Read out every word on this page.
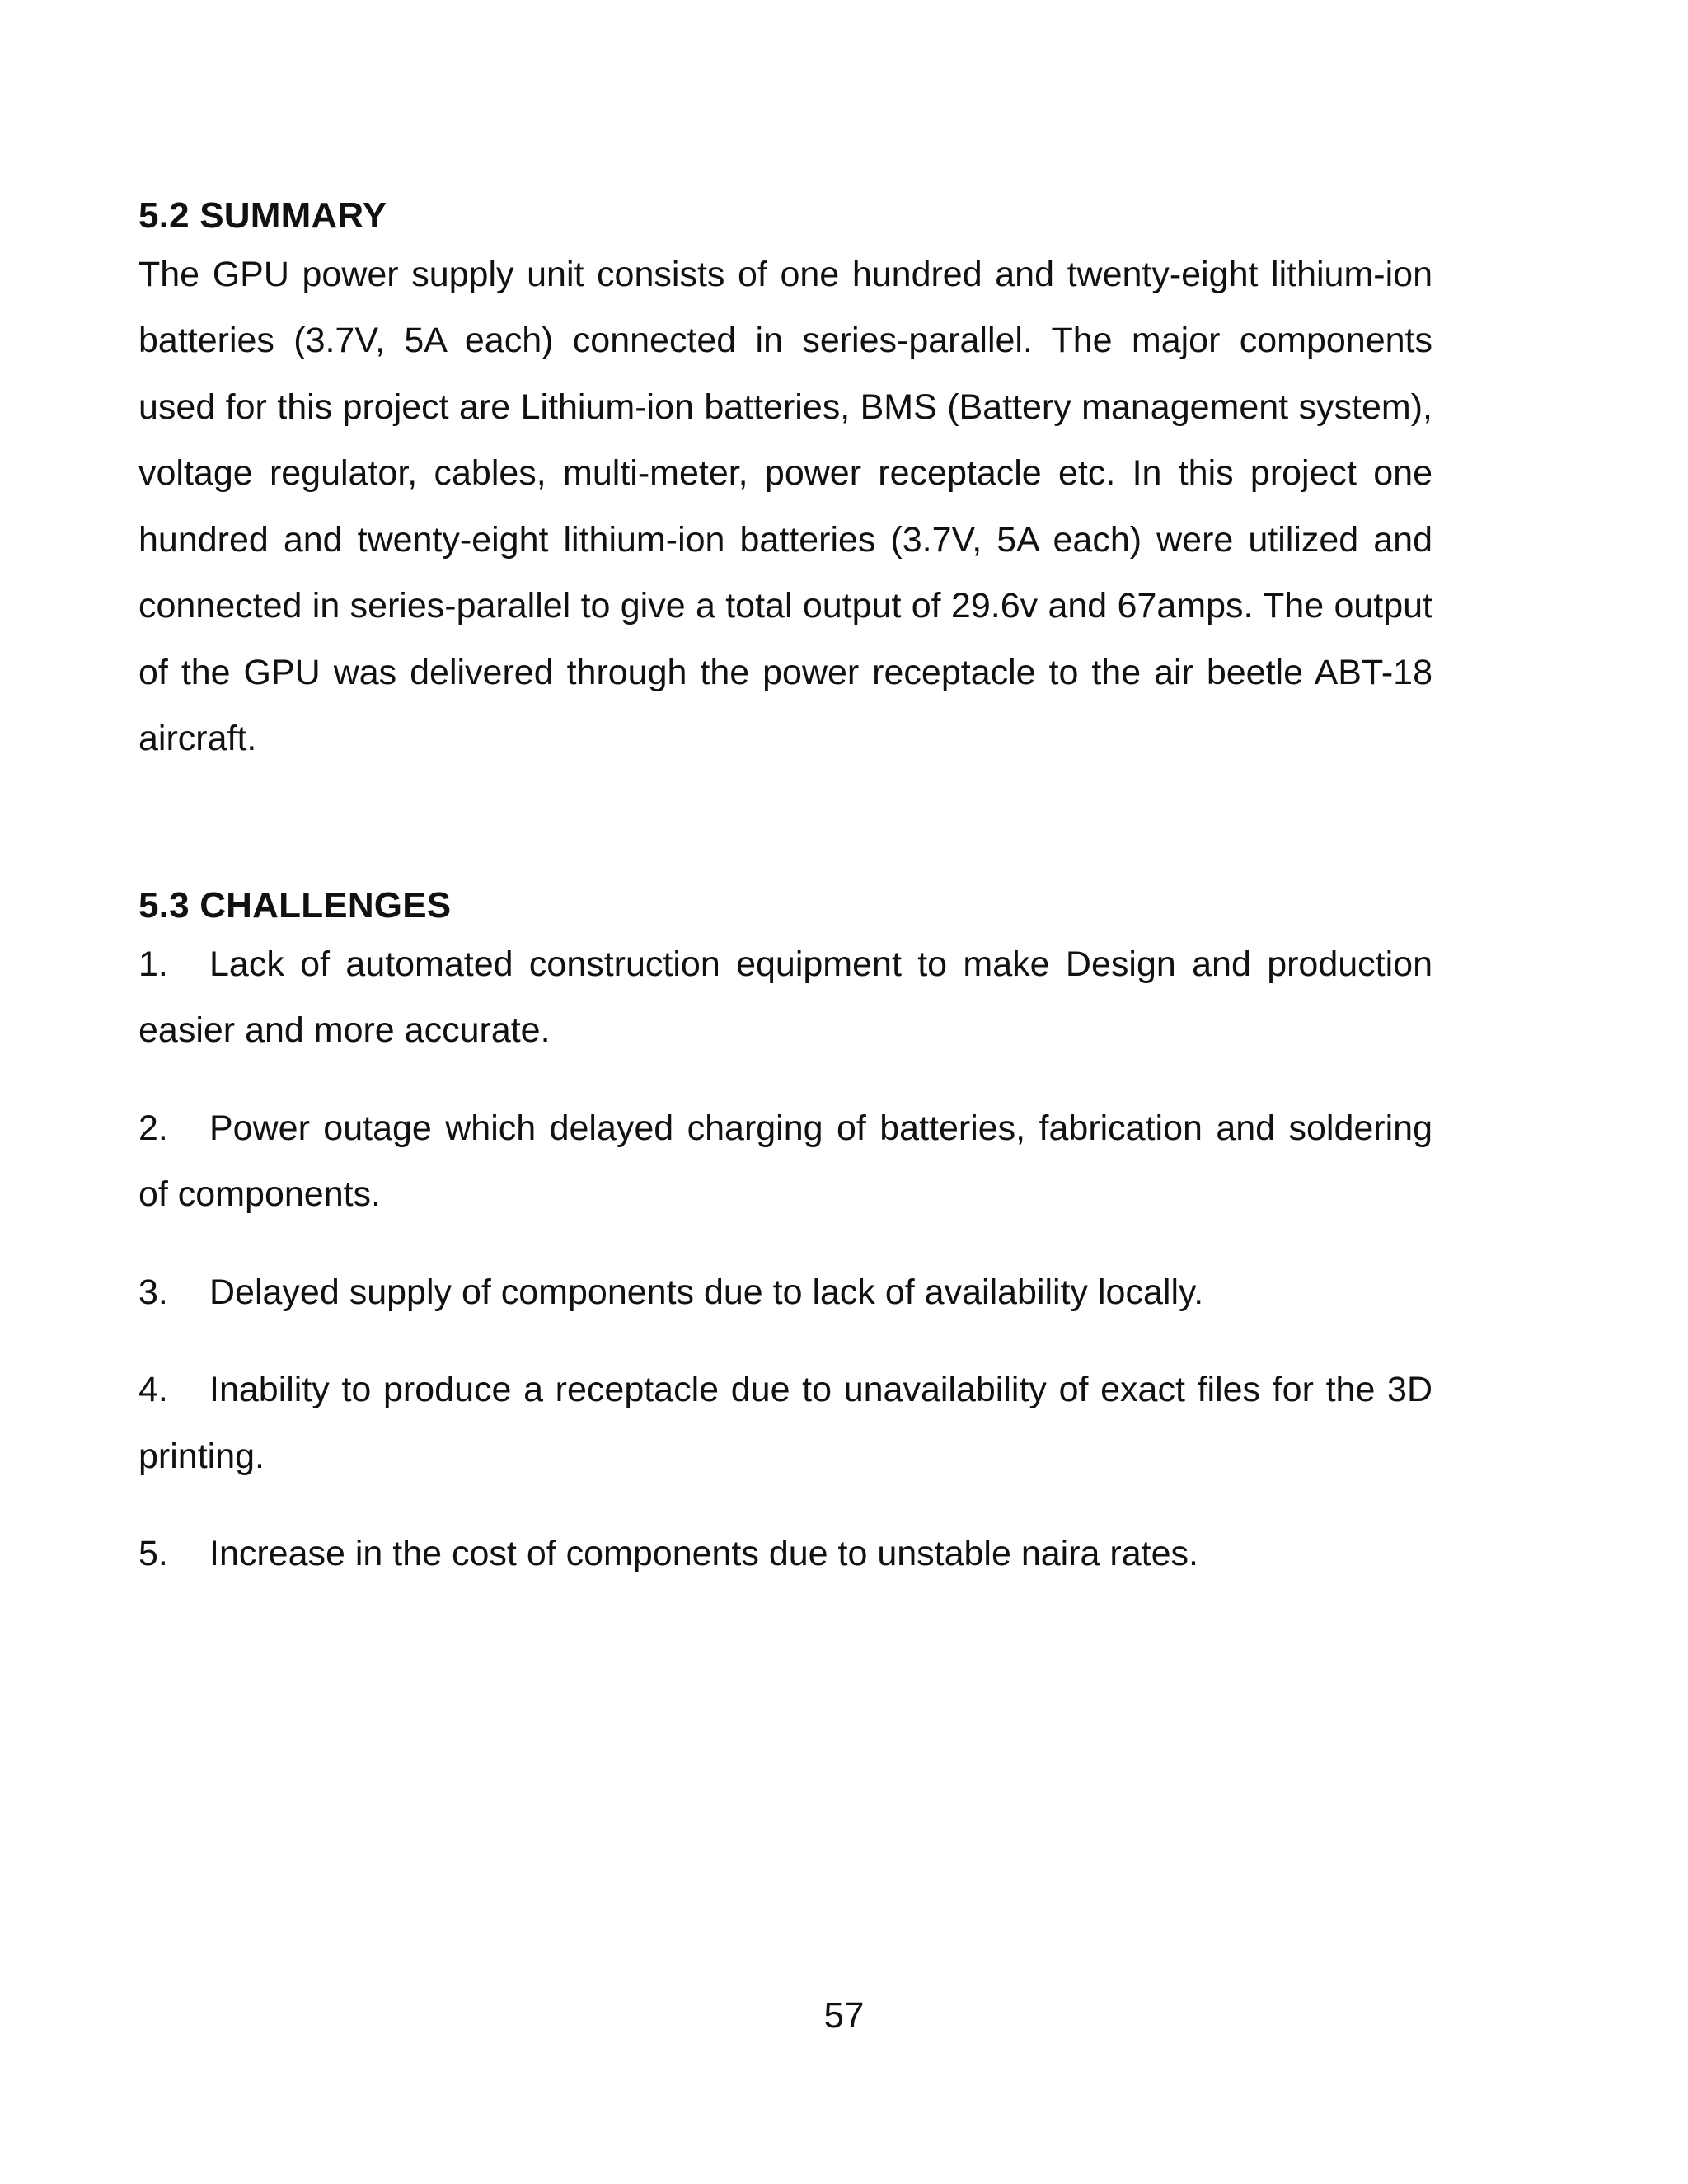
5.2 SUMMARY

The GPU power supply unit consists of one hundred and twenty-eight lithium-ion batteries (3.7V, 5A each) connected in series-parallel. The major components used for this project are Lithium-ion batteries, BMS (Battery management system), voltage regulator, cables, multi-meter, power receptacle etc. In this project one hundred and twenty-eight lithium-ion batteries (3.7V, 5A each) were utilized and connected in series-parallel to give a total output of 29.6v and 67amps. The output of the GPU was delivered through the power receptacle to the air beetle ABT-18 aircraft.

5.3 CHALLENGES
1. Lack of automated construction equipment to make Design and production easier and more accurate.
2. Power outage which delayed charging of batteries, fabrication and soldering of components.
3. Delayed supply of components due to lack of availability locally.
4. Inability to produce a receptacle due to unavailability of exact files for the 3D printing.
5. Increase in the cost of components due to unstable naira rates.
57
